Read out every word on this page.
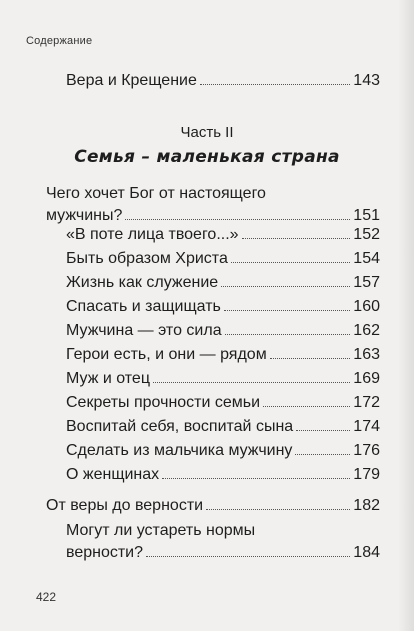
Содержание
Вера и Крещение	143
Часть II
Семья – маленькая страна
Чего хочет Бог от настоящего
мужчины?	151
«В поте лица твоего...»	152
Быть образом Христа	154
Жизнь как служение	157
Спасать и защищать	160
Мужчина — это сила	162
Герои есть, и они — рядом	163
Муж и отец	169
Секреты прочности семьи	172
Воспитай себя, воспитай сына	174
Сделать из мальчика мужчину	176
О женщинах	179
От веры до верности	182
Могут ли устареть нормы
верности?	184
422
